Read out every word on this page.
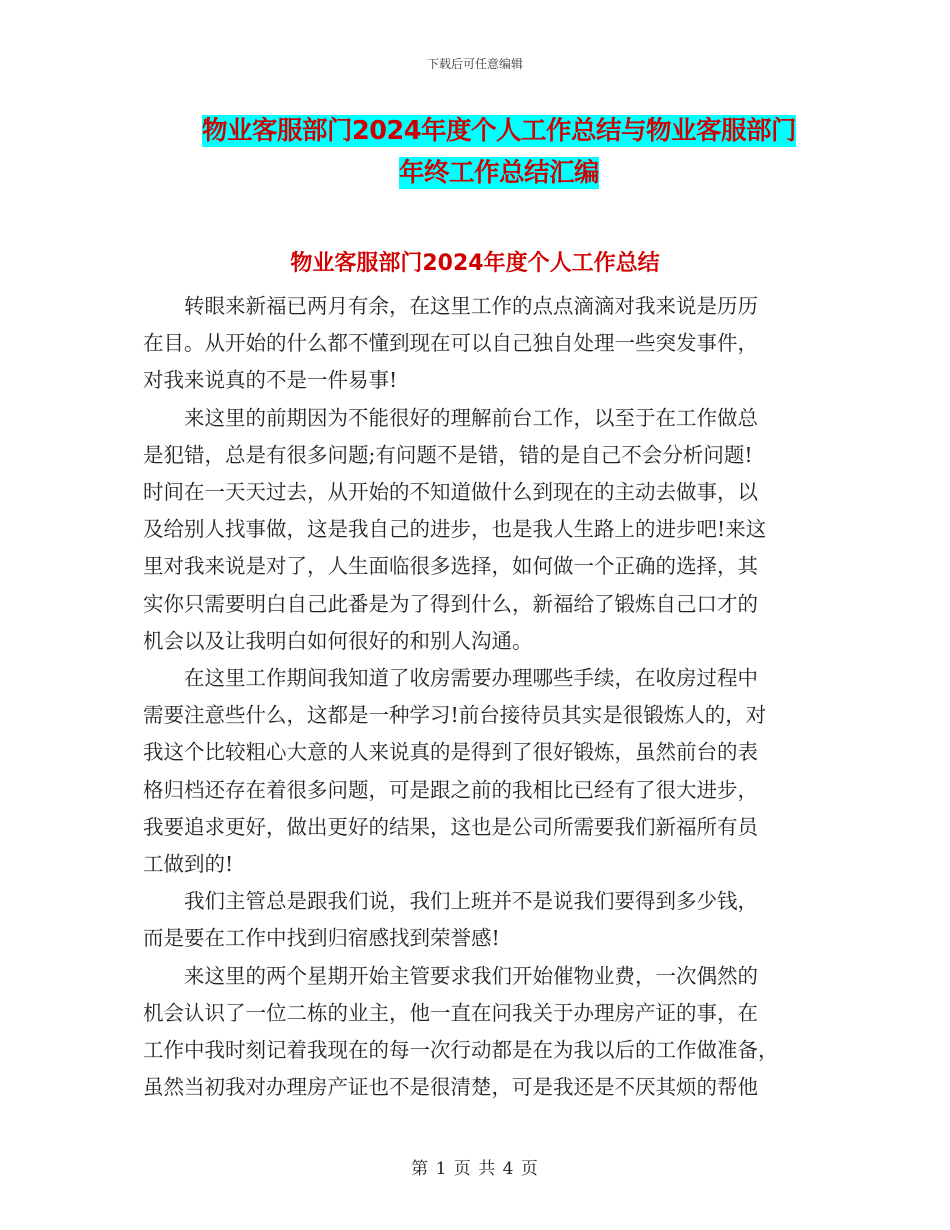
下载后可任意编辑
物业客服部门2024年度个人工作总结与物业客服部门
年终工作总结汇编
物业客服部门2024年度个人工作总结
转眼来新福已两月有余，在这里工作的点点滴滴对我来说是历历
在目。从开始的什么都不懂到现在可以自己独自处理一些突发事件，
对我来说真的不是一件易事!
来这里的前期因为不能很好的理解前台工作，以至于在工作做总
是犯错，总是有很多问题;有问题不是错，错的是自己不会分析问题!
时间在一天天过去，从开始的不知道做什么到现在的主动去做事，以
及给别人找事做，这是我自己的进步，也是我人生路上的进步吧!来这
里对我来说是对了，人生面临很多选择，如何做一个正确的选择，其
实你只需要明白自己此番是为了得到什么，新福给了锻炼自己口才的
机会以及让我明白如何很好的和别人沟通。
在这里工作期间我知道了收房需要办理哪些手续，在收房过程中
需要注意些什么，这都是一种学习!前台接待员其实是很锻炼人的，对
我这个比较粗心大意的人来说真的是得到了很好锻炼，虽然前台的表
格归档还存在着很多问题，可是跟之前的我相比已经有了很大进步，
我要追求更好，做出更好的结果，这也是公司所需要我们新福所有员
工做到的!
我们主管总是跟我们说，我们上班并不是说我们要得到多少钱，
而是要在工作中找到归宿感找到荣誉感!
来这里的两个星期开始主管要求我们开始催物业费，一次偶然的
机会认识了一位二栋的业主，他一直在问我关于办理房产证的事，在
工作中我时刻记着我现在的每一次行动都是在为我以后的工作做准备，
虽然当初我对办理房产证也不是很清楚，可是我还是不厌其烦的帮他
第 1 页 共 4 页
